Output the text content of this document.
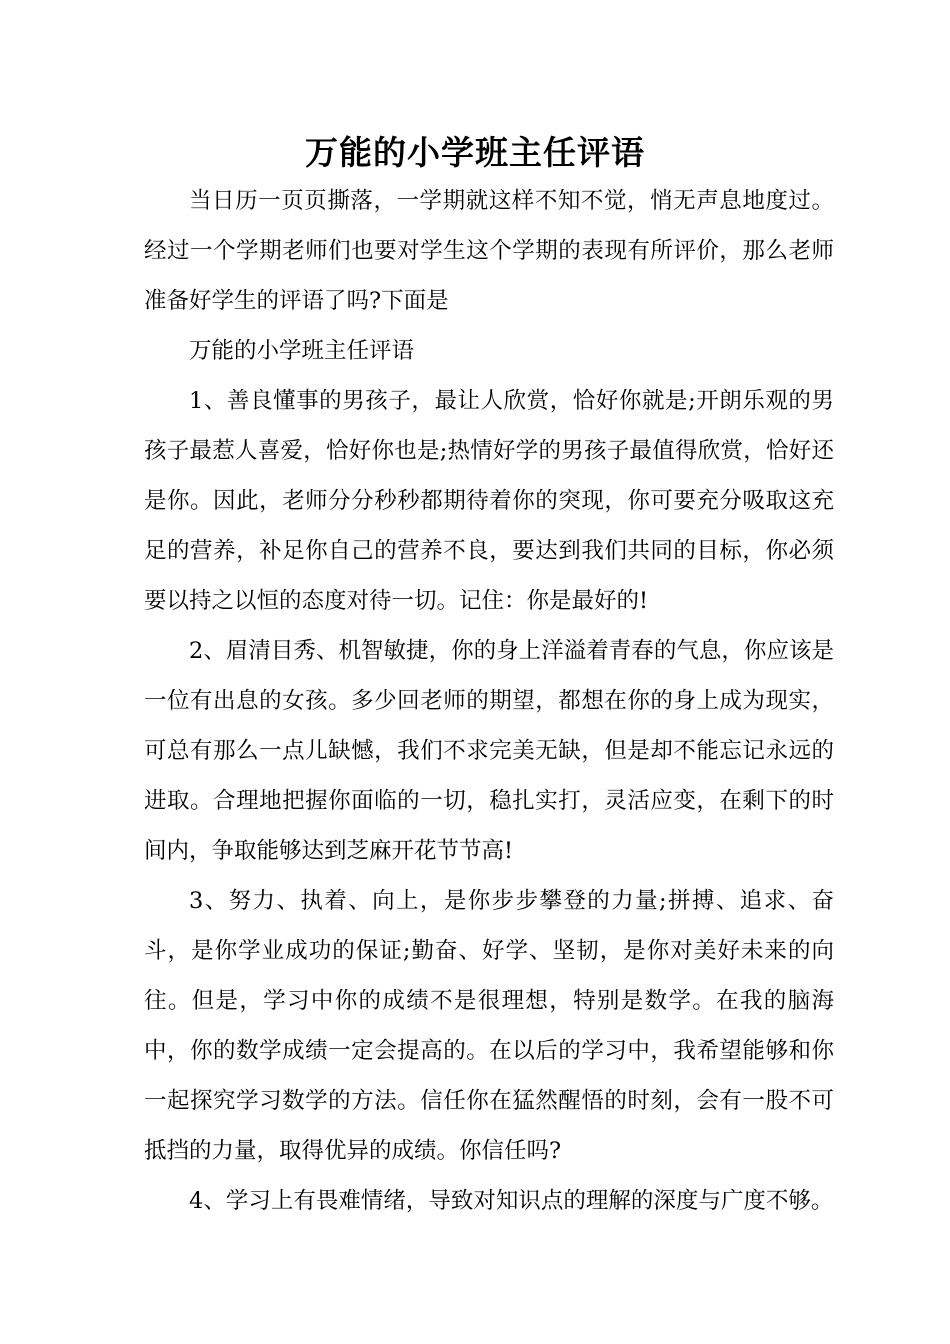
万能的小学班主任评语

当日历一页页撕落，一学期就这样不知不觉，悄无声息地度过。经过一个学期老师们也要对学生这个学期的表现有所评价，那么老师准备好学生的评语了吗?下面是

万能的小学班主任评语

1、善良懂事的男孩子，最让人欣赏，恰好你就是;开朗乐观的男孩子最惹人喜爱，恰好你也是;热情好学的男孩子最值得欣赏，恰好还是你。因此，老师分分秒秒都期待着你的突现，你可要充分吸取这充足的营养，补足你自己的营养不良，要达到我们共同的目标，你必须要以持之以恒的态度对待一切。记住：你是最好的!

2、眉清目秀、机智敏捷，你的身上洋溢着青春的气息，你应该是一位有出息的女孩。多少回老师的期望，都想在你的身上成为现实，可总有那么一点儿缺憾，我们不求完美无缺，但是却不能忘记永远的进取。合理地把握你面临的一切，稳扎实打，灵活应变，在剩下的时间内，争取能够达到芝麻开花节节高!

3、努力、执着、向上，是你步步攀登的力量;拼搏、追求、奋斗，是你学业成功的保证;勤奋、好学、坚韧，是你对美好未来的向往。但是，学习中你的成绩不是很理想，特别是数学。在我的脑海中，你的数学成绩一定会提高的。在以后的学习中，我希望能够和你一起探究学习数学的方法。信任你在猛然醒悟的时刻，会有一股不可抵挡的力量，取得优异的成绩。你信任吗?

4、学习上有畏难情绪，导致对知识点的理解的深度与广度不够。
